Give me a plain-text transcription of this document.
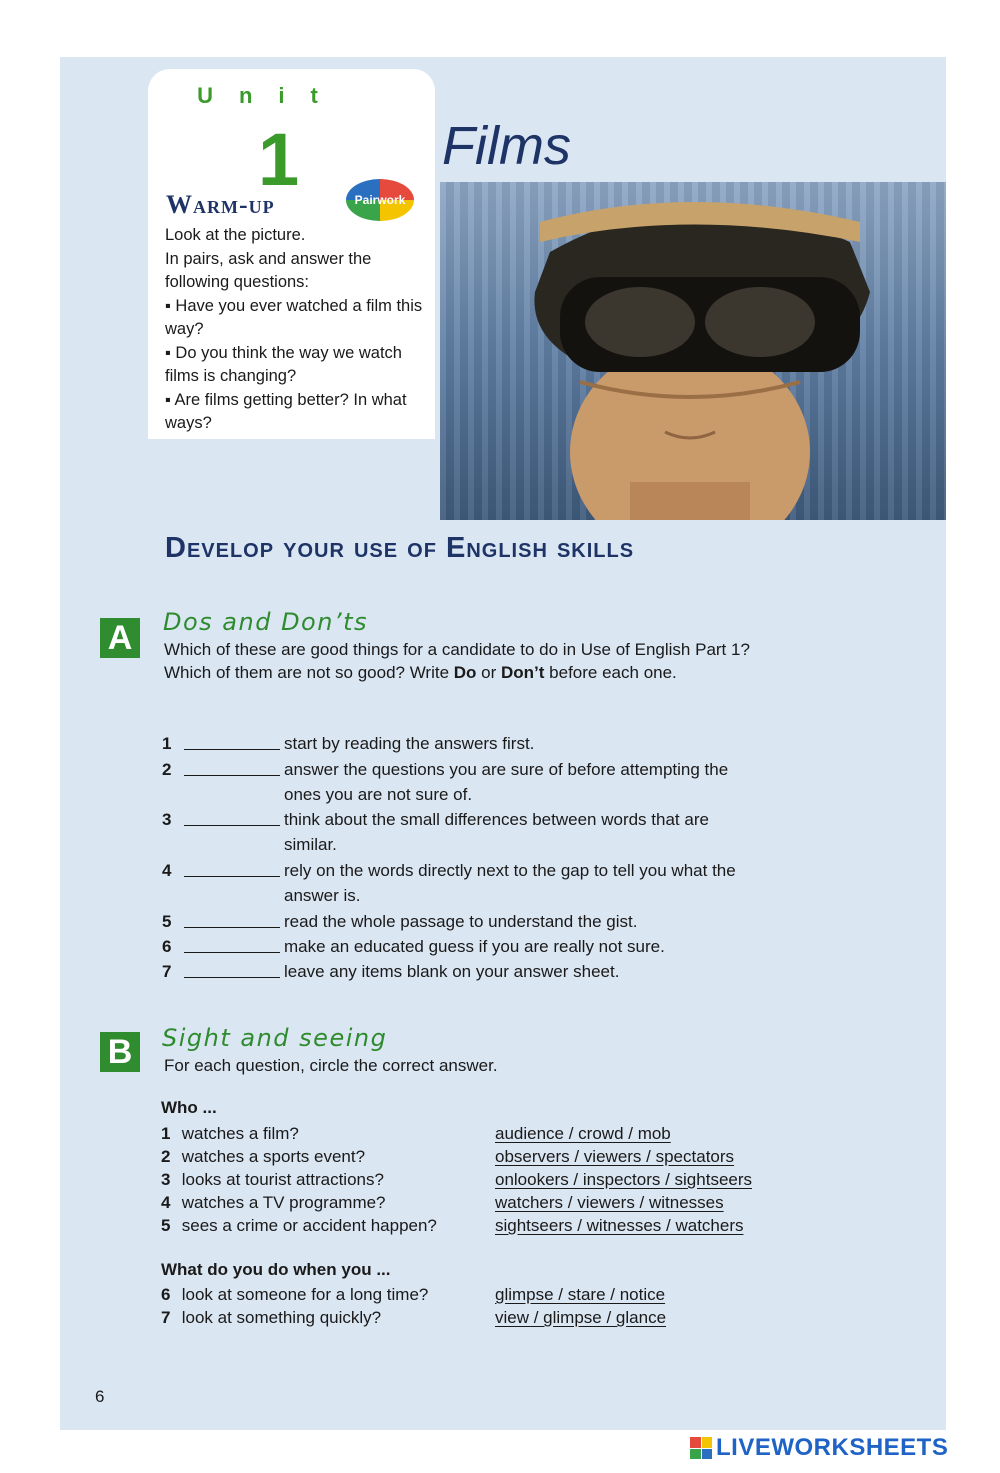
Unit
1	Films
Warm-up	Pairwork

Look at the picture.

In pairs, ask and answer the following questions:

▪ Have you ever watched a film this way?

▪ Do you think the way we watch films is changing?

▪ Are films getting better? In what ways?

Develop your use of English skills
A	Dos and Don’ts

Which of these are good things for a candidate to do in Use of English Part 1? Which of them are not so good? Write Do or Don’t before each one.

1	start by reading the answers first.
2	answer the questions you are sure of before attempting the ones you are not sure of.
3	think about the small differences between words that are similar.
4	rely on the words directly next to the gap to tell you what the answer is.
5	read the whole passage to understand the gist.
6	make an educated guess if you are really not sure.
7	leave any items blank on your answer sheet.
B	Sight and seeing
For each question, circle the correct answer.
Who ...
1 watches a film?	audience / crowd / mob
2 watches a sports event?	observers / viewers / spectators
3 looks at tourist attractions?	onlookers / inspectors / sightseers
4 watches a TV programme?	watchers / viewers / witnesses
5 sees a crime or accident happen?	sightseers / witnesses / watchers
What do you do when you ...
6 look at someone for a long time?	glimpse / stare / notice
7 look at something quickly?	view / glimpse / glance
6
LIVEWORKSHEETS
